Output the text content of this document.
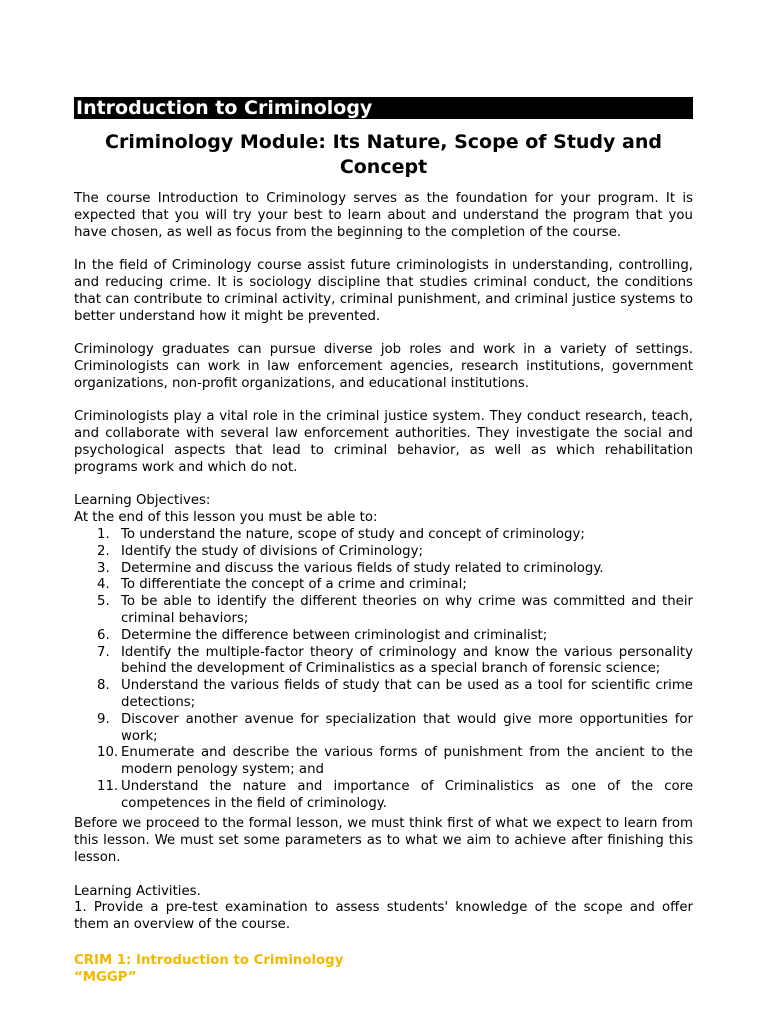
Introduction to Criminology
Criminology Module: Its Nature, Scope of Study and Concept

The course Introduction to Criminology serves as the foundation for your program. It is expected that you will try your best to learn about and understand the program that you have chosen, as well as focus from the beginning to the completion of the course.

In the field of Criminology course assist future criminologists in understanding, controlling, and reducing crime. It is sociology discipline that studies criminal conduct, the conditions that can contribute to criminal activity, criminal punishment, and criminal justice systems to better understand how it might be prevented.

Criminology graduates can pursue diverse job roles and work in a variety of settings. Criminologists can work in law enforcement agencies, research institutions, government organizations, non-profit organizations, and educational institutions.

Criminologists play a vital role in the criminal justice system. They conduct research, teach, and collaborate with several law enforcement authorities. They investigate the social and psychological aspects that lead to criminal behavior, as well as which rehabilitation programs work and which do not.

Learning Objectives:

At the end of this lesson you must be able to:

1. To understand the nature, scope of study and concept of criminology;
2. Identify the study of divisions of Criminology;
3. Determine and discuss the various fields of study related to criminology.
4. To differentiate the concept of a crime and criminal;
5. To be able to identify the different theories on why crime was committed and their criminal behaviors;
6. Determine the difference between criminologist and criminalist;
7. Identify the multiple-factor theory of criminology and know the various personality behind the development of Criminalistics as a special branch of forensic science;
8. Understand the various fields of study that can be used as a tool for scientific crime detections;
9. Discover another avenue for specialization that would give more opportunities for work;
10. Enumerate and describe the various forms of punishment from the ancient to the modern penology system; and
11. Understand the nature and importance of Criminalistics as one of the core competences in the field of criminology.

Before we proceed to the formal lesson, we must think first of what we expect to learn from this lesson. We must set some parameters as to what we aim to achieve after finishing this lesson.

Learning Activities.

1. Provide a pre-test examination to assess students' knowledge of the scope and offer them an overview of the course.

CRIM 1: Introduction to Criminology

“MGGP”
